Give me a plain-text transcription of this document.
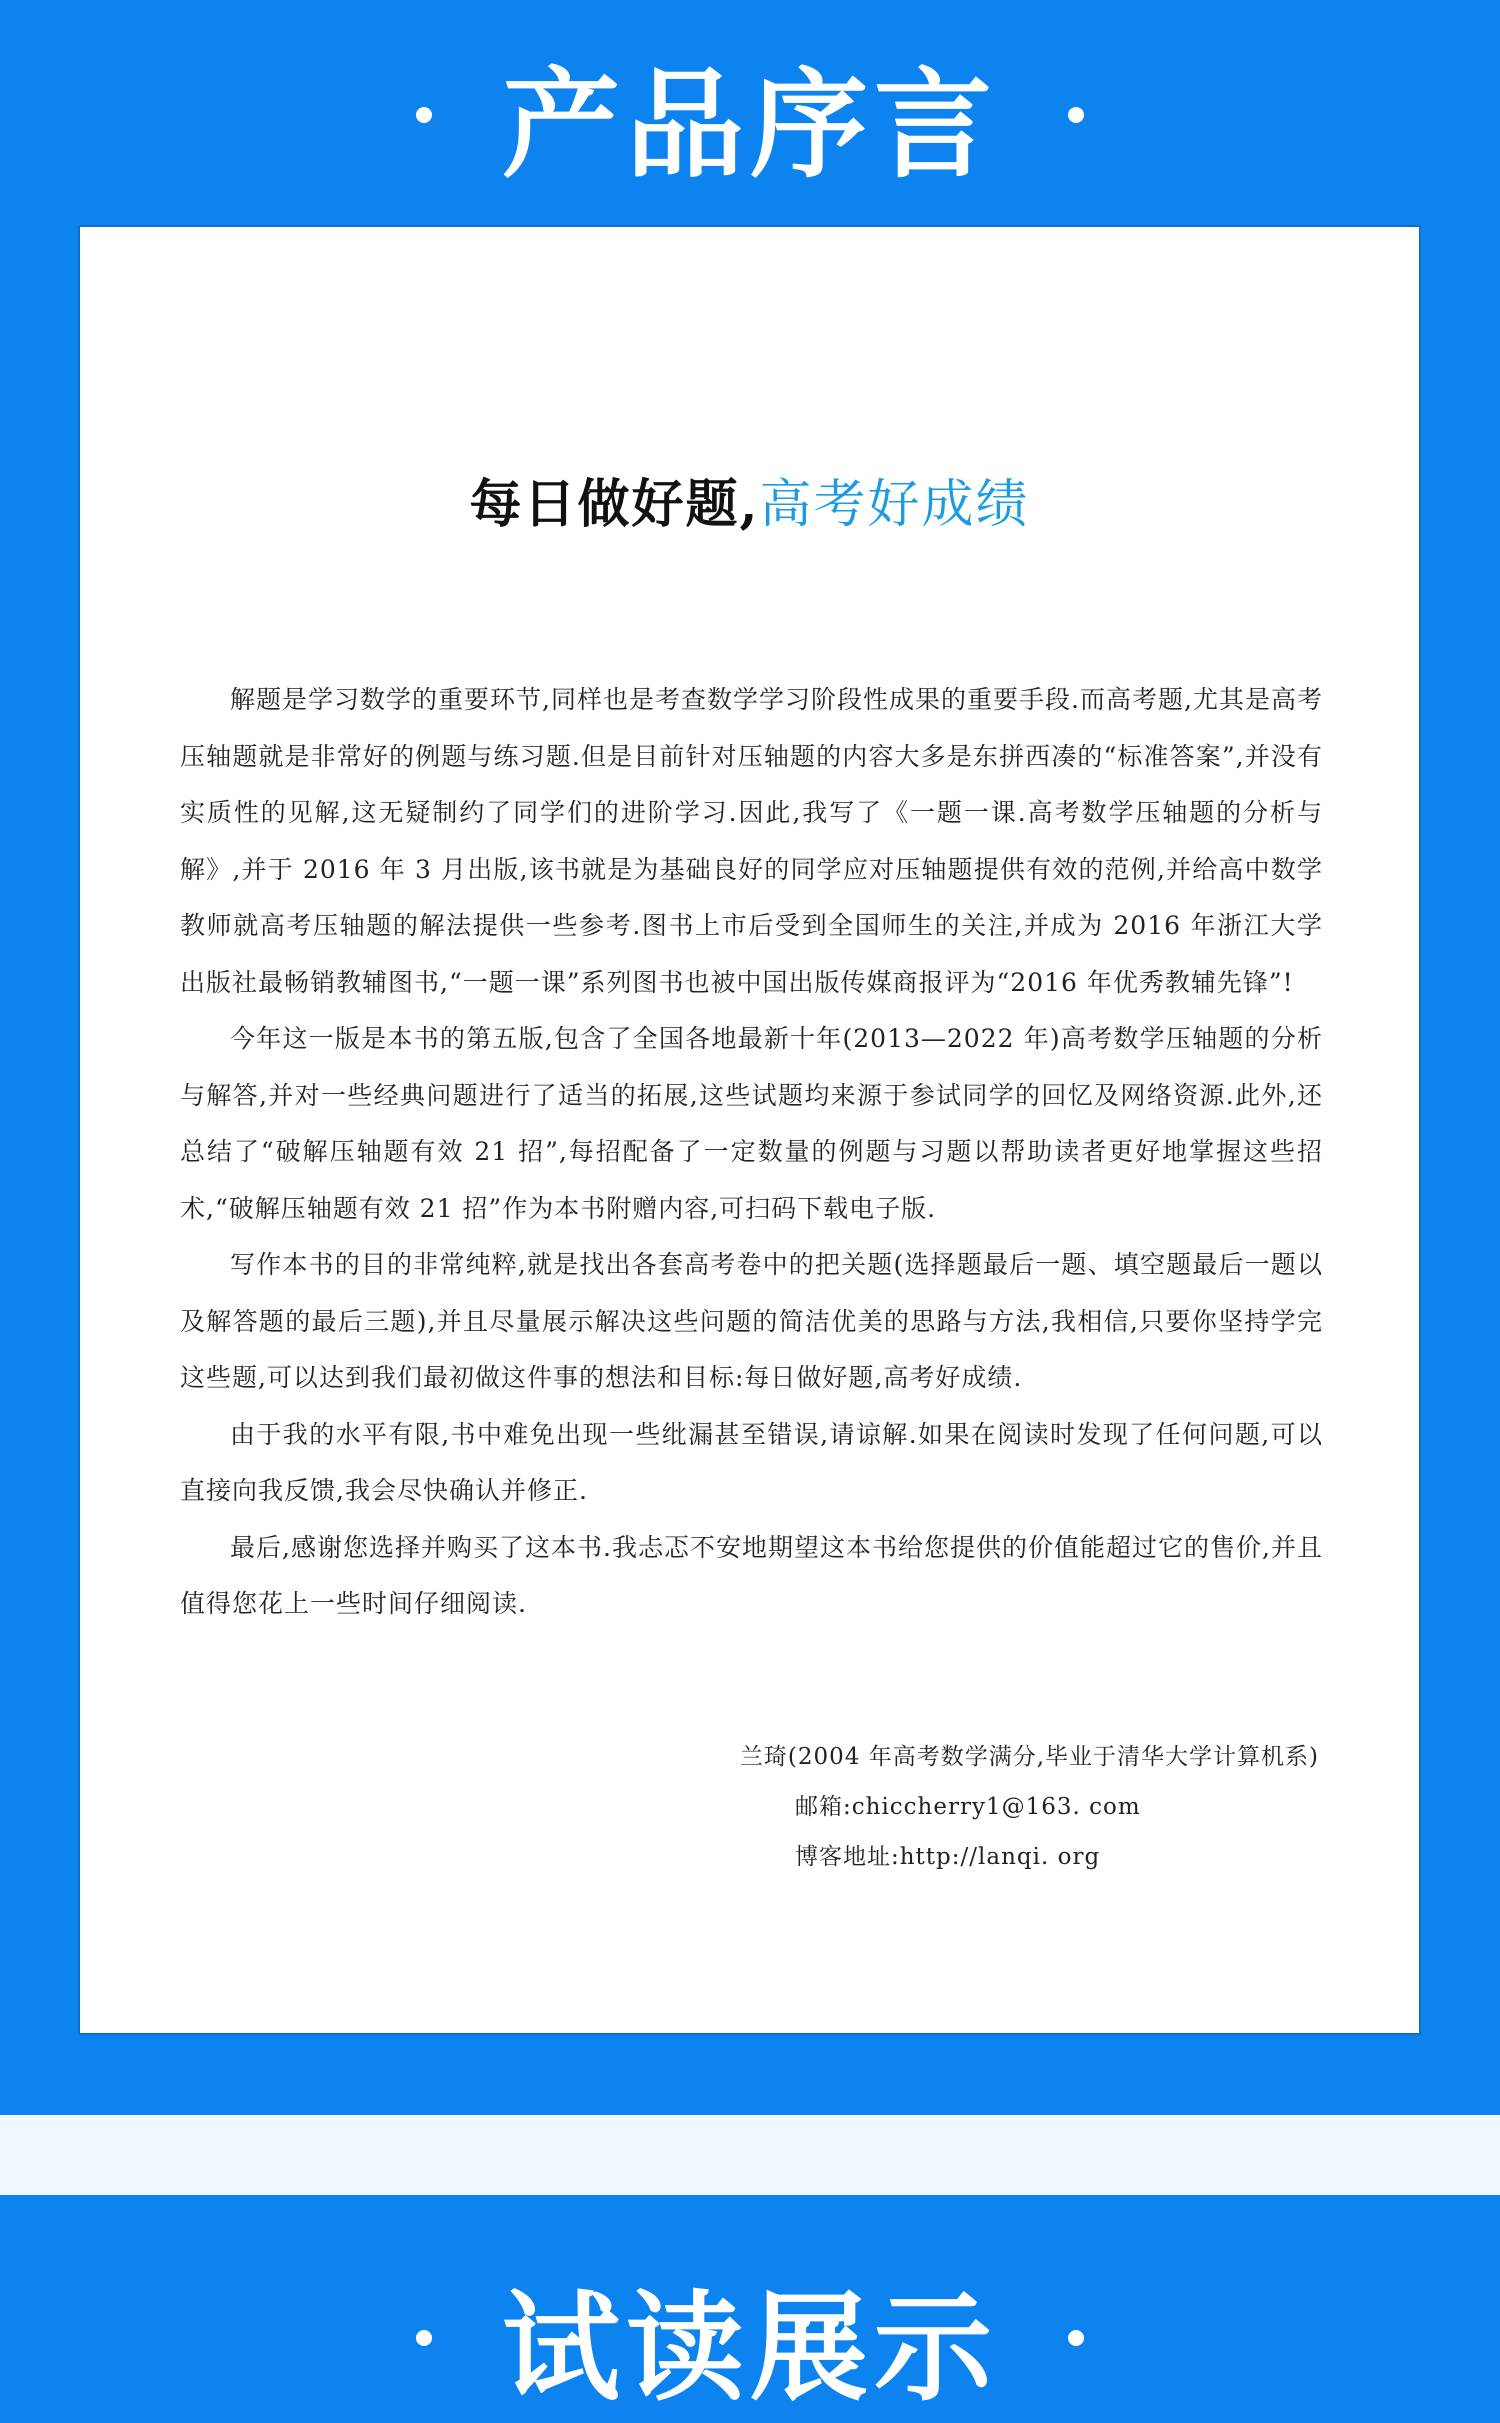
产品序言
每日做好题,高考好成绩

解题是学习数学的重要环节,同样也是考查数学学习阶段性成果的重要手段.而高考题,尤其是高考压轴题就是非常好的例题与练习题.但是目前针对压轴题的内容大多是东拼西凑的“标准答案”,并没有实质性的见解,这无疑制约了同学们的进阶学习.因此,我写了《一题一课.高考数学压轴题的分析与解》,并于 2016 年 3 月出版,该书就是为基础良好的同学应对压轴题提供有效的范例,并给高中数学教师就高考压轴题的解法提供一些参考.图书上市后受到全国师生的关注,并成为 2016 年浙江大学出版社最畅销教辅图书,“一题一课”系列图书也被中国出版传媒商报评为“2016 年优秀教辅先锋”!

今年这一版是本书的第五版,包含了全国各地最新十年(2013—2022 年)高考数学压轴题的分析与解答,并对一些经典问题进行了适当的拓展,这些试题均来源于参试同学的回忆及网络资源.此外,还总结了“破解压轴题有效 21 招”,每招配备了一定数量的例题与习题以帮助读者更好地掌握这些招术,“破解压轴题有效 21 招”作为本书附赠内容,可扫码下载电子版.

写作本书的目的非常纯粹,就是找出各套高考卷中的把关题(选择题最后一题、填空题最后一题以及解答题的最后三题),并且尽量展示解决这些问题的简洁优美的思路与方法,我相信,只要你坚持学完这些题,可以达到我们最初做这件事的想法和目标:每日做好题,高考好成绩.

由于我的水平有限,书中难免出现一些纰漏甚至错误,请谅解.如果在阅读时发现了任何问题,可以直接向我反馈,我会尽快确认并修正.

最后,感谢您选择并购买了这本书.我忐忑不安地期望这本书给您提供的价值能超过它的售价,并且值得您花上一些时间仔细阅读.

兰琦(2004 年高考数学满分,毕业于清华大学计算机系)
邮箱:chiccherry1@163. com
博客地址:http://lanqi. org
试读展示
